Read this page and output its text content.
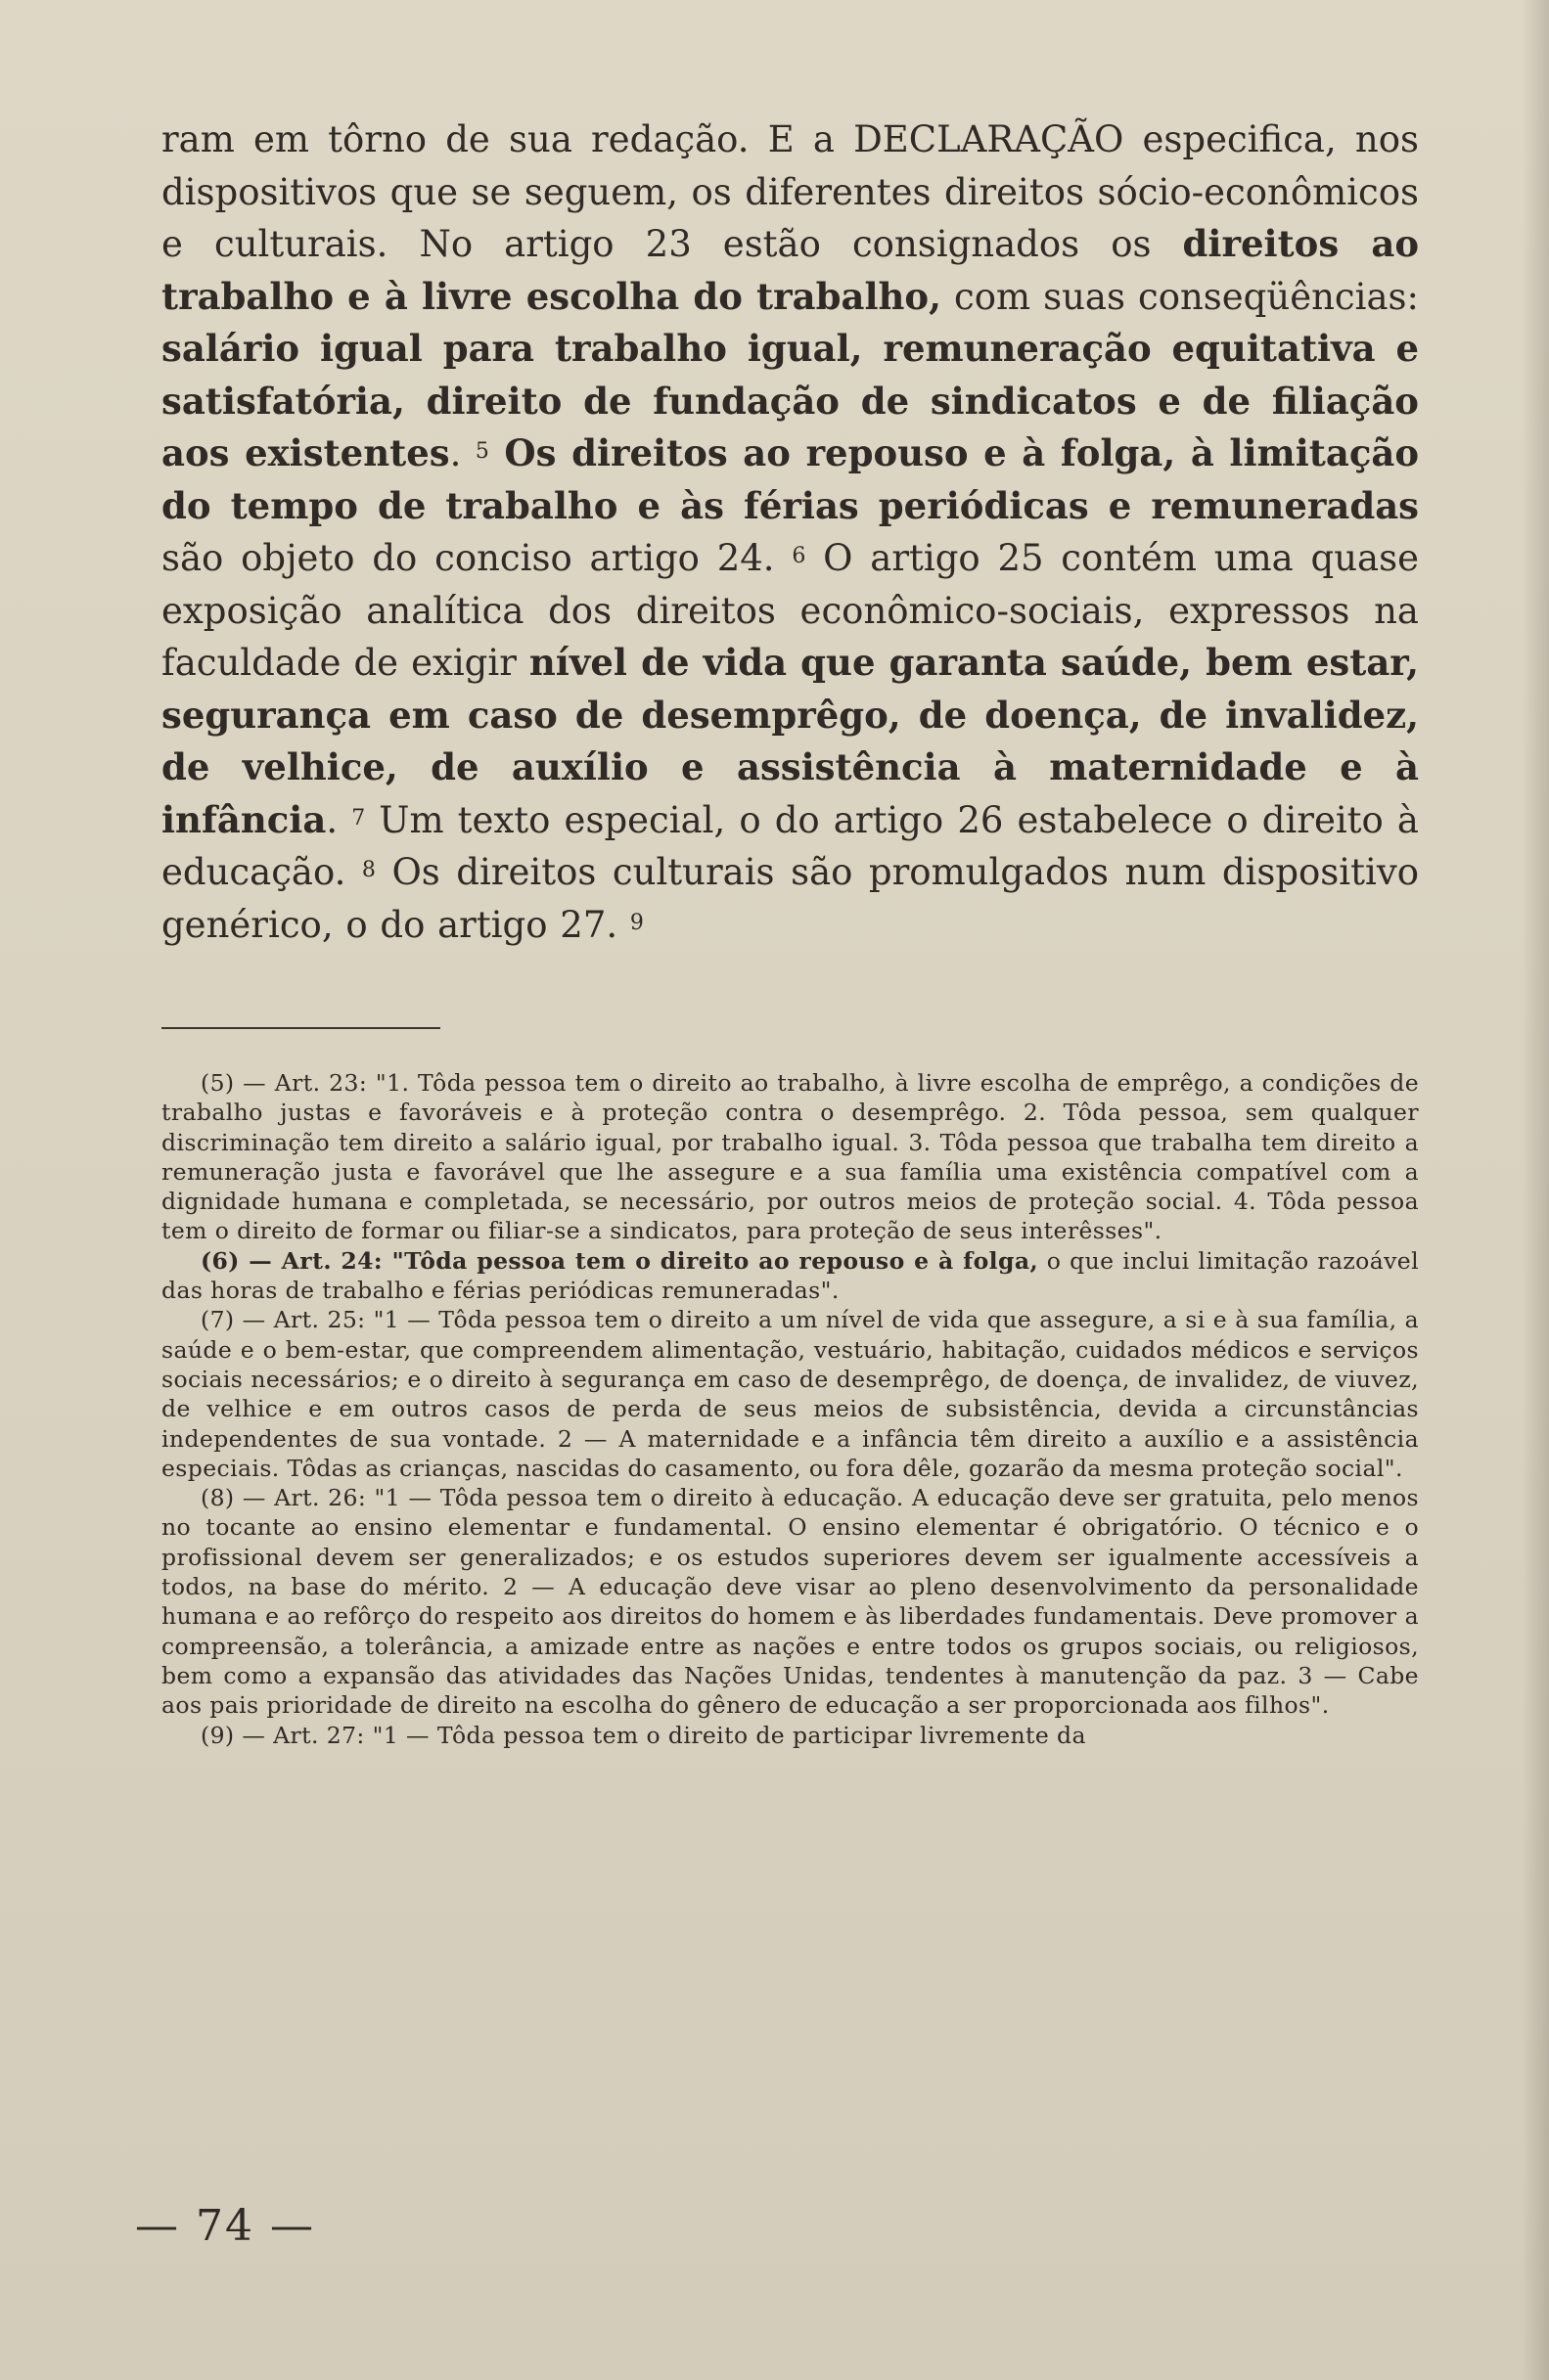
ram em tôrno de sua redação. E a DECLARAÇÃO especifica, nos dispositivos que se seguem, os diferentes direitos sócio-econômicos e culturais. No artigo 23 estão consignados os direitos ao trabalho e à livre escolha do trabalho, com suas conseqüências: salário igual para trabalho igual, remuneração equitativa e satisfatória, direito de fundação de sindicatos e de filiação aos existentes. $^5$ Os direitos ao repouso e à folga, à limitação do tempo de trabalho e às férias periódicas e remuneradas são objeto do conciso artigo 24. $^6$ O artigo 25 contém uma quase exposição analítica dos direitos econômico-sociais, expressos na faculdade de exigir nível de vida que garanta saúde, bem estar, segurança em caso de desemprêgo, de doença, de invalidez, de velhice, de auxílio e assistência à maternidade e à infância. $^7$ Um texto especial, o do artigo 26 estabelece o direito à educação. $^8$ Os direitos culturais são promulgados num dispositivo genérico, o do artigo 27. $^9$

(5) — Art. 23: "1. Tôda pessoa tem o direito ao trabalho, à livre escolha de emprêgo, a condições de trabalho justas e favoráveis e à proteção contra o desemprêgo. 2. Tôda pessoa, sem qualquer discriminação tem direito a salário igual, por trabalho igual. 3. Tôda pessoa que trabalha tem direito a remuneração justa e favorável que lhe assegure e a sua família uma existência compatível com a dignidade humana e completada, se necessário, por outros meios de proteção social. 4. Tôda pessoa tem o direito de formar ou filiar-se a sindicatos, para proteção de seus interêsses".

(6) — Art. 24: "Tôda pessoa tem o direito ao repouso e à folga, o que inclui limitação razoável das horas de trabalho e férias periódicas remuneradas".

(7) — Art. 25: "1 — Tôda pessoa tem o direito a um nível de vida que assegure, a si e à sua família, a saúde e o bem-estar, que compreendem alimentação, vestuário, habitação, cuidados médicos e serviços sociais necessários; e o direito à segurança em caso de desemprêgo, de doença, de invalidez, de viuvez, de velhice e em outros casos de perda de seus meios de subsistência, devida a circunstâncias independentes de sua vontade. 2 — A maternidade e a infância têm direito a auxílio e a assistência especiais. Tôdas as crianças, nascidas do casamento, ou fora dêle, gozarão da mesma proteção social".

(8) — Art. 26: "1 — Tôda pessoa tem o direito à educação. A educação deve ser gratuita, pelo menos no tocante ao ensino elementar e fundamental. O ensino elementar é obrigatório. O técnico e o profissional devem ser generalizados; e os estudos superiores devem ser igualmente accessíveis a todos, na base do mérito. 2 — A educação deve visar ao pleno desenvolvimento da personalidade humana e ao refôrço do respeito aos direitos do homem e às liberdades fundamentais. Deve promover a compreensão, a tolerância, a amizade entre as nações e entre todos os grupos sociais, ou religiosos, bem como a expansão das atividades das Nações Unidas, tendentes à manutenção da paz. 3 — Cabe aos pais prioridade de direito na escolha do gênero de educação a ser proporcionada aos filhos".

(9) — Art. 27: "1 — Tôda pessoa tem o direito de participar livremente da

— 74 —
